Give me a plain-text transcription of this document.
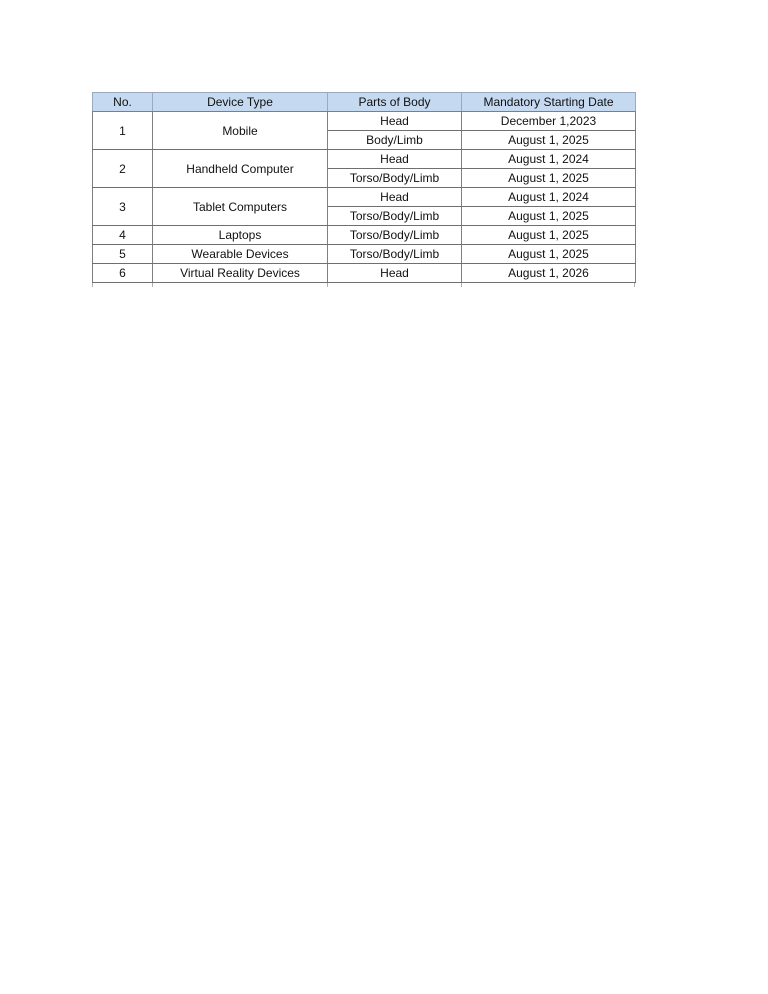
No.	Device Type	Parts of Body	Mandatory Starting Date
1	Mobile	Head	December 1,2023
		Body/Limb	August 1, 2025
2	Handheld Computer	Head	August 1, 2024
		Torso/Body/Limb	August 1, 2025
3	Tablet Computers	Head	August 1, 2024
		Torso/Body/Limb	August 1, 2025
4	Laptops	Torso/Body/Limb	August 1, 2025
5	Wearable Devices	Torso/Body/Limb	August 1, 2025
6	Virtual Reality Devices	Head	August 1, 2026
